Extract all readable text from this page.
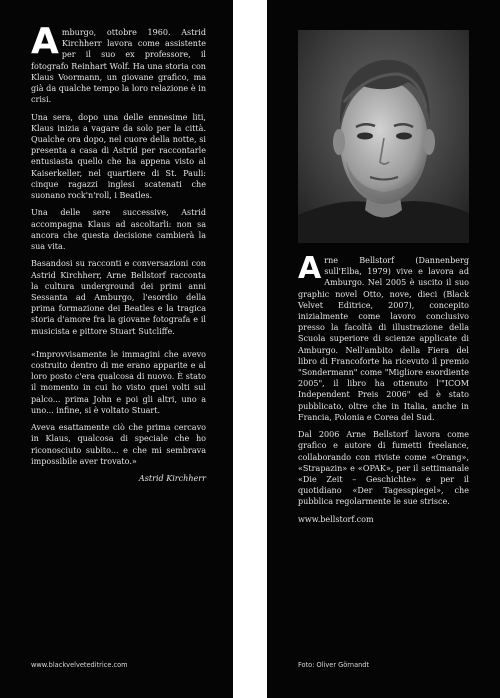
Amburgo, ottobre 1960. Astrid Kirchherr lavora come assistente per il suo ex professore, il fotografo Reinhart Wolf. Ha una storia con Klaus Voormann, un giovane grafico, ma già da qualche tempo la loro relazione è in crisi.

Una sera, dopo una delle ennesime liti, Klaus inizia a vagare da solo per la città. Qualche ora dopo, nel cuore della notte, si presenta a casa di Astrid per raccontarle entusiasta quello che ha appena visto al Kaiserkeller, nel quartiere di St. Pauli: cinque ragazzi inglesi scatenati che suonano rock'n'roll, i Beatles.

Una delle sere successive, Astrid accompagna Klaus ad ascoltarli: non sa ancora che questa decisione cambierà la sua vita.

Basandosi su racconti e conversazioni con Astrid Kirchherr, Arne Bellstorf racconta la cultura underground dei primi anni Sessanta ad Amburgo, l'esordio della prima formazione dei Beatles e la tragica storia d'amore fra la giovane fotografa e il musicista e pittore Stuart Sutcliffe.

«Improvvisamente le immagini che avevo costruito dentro di me erano apparite e al loro posto c'era qualcosa di nuovo. È stato il momento in cui ho visto quei volti sul palco... prima John e poi gli altri, uno a uno... infine, si è voltato Stuart.

Aveva esattamente ciò che prima cercavo in Klaus, qualcosa di speciale che ho riconosciuto subito... e che mi sembrava impossibile aver trovato.»

Astrid Kirchherr
www.blackvelveteditrice.com

Arne Bellstorf (Dannenberg sull'Elba, 1979) vive e lavora ad Amburgo. Nel 2005 è uscito il suo graphic novel Otto, nove, dieci (Black Velvet Editrice, 2007), concepito inizialmente come lavoro conclusivo presso la facoltà di illustrazione della Scuola superiore di scienze applicate di Amburgo. Nell'ambito della Fiera del libro di Francoforte ha ricevuto il premio "Sondermann" come "Migliore esordiente 2005", il libro ha ottenuto l'"ICOM Independent Preis 2006" ed è stato pubblicato, oltre che in Italia, anche in Francia, Polonia e Corea del Sud.

Dal 2006 Arne Bellstorf lavora come grafico e autore di fumetti freelance, collaborando con riviste come «Orang», «Strapazin» e «OPAK», per il settimanale «Die Zeit – Geschichte» e per il quotidiano «Der Tagesspiegel», che pubblica regolarmente le sue strisce.

www.bellstorf.com

Foto: Oliver Görnandt
